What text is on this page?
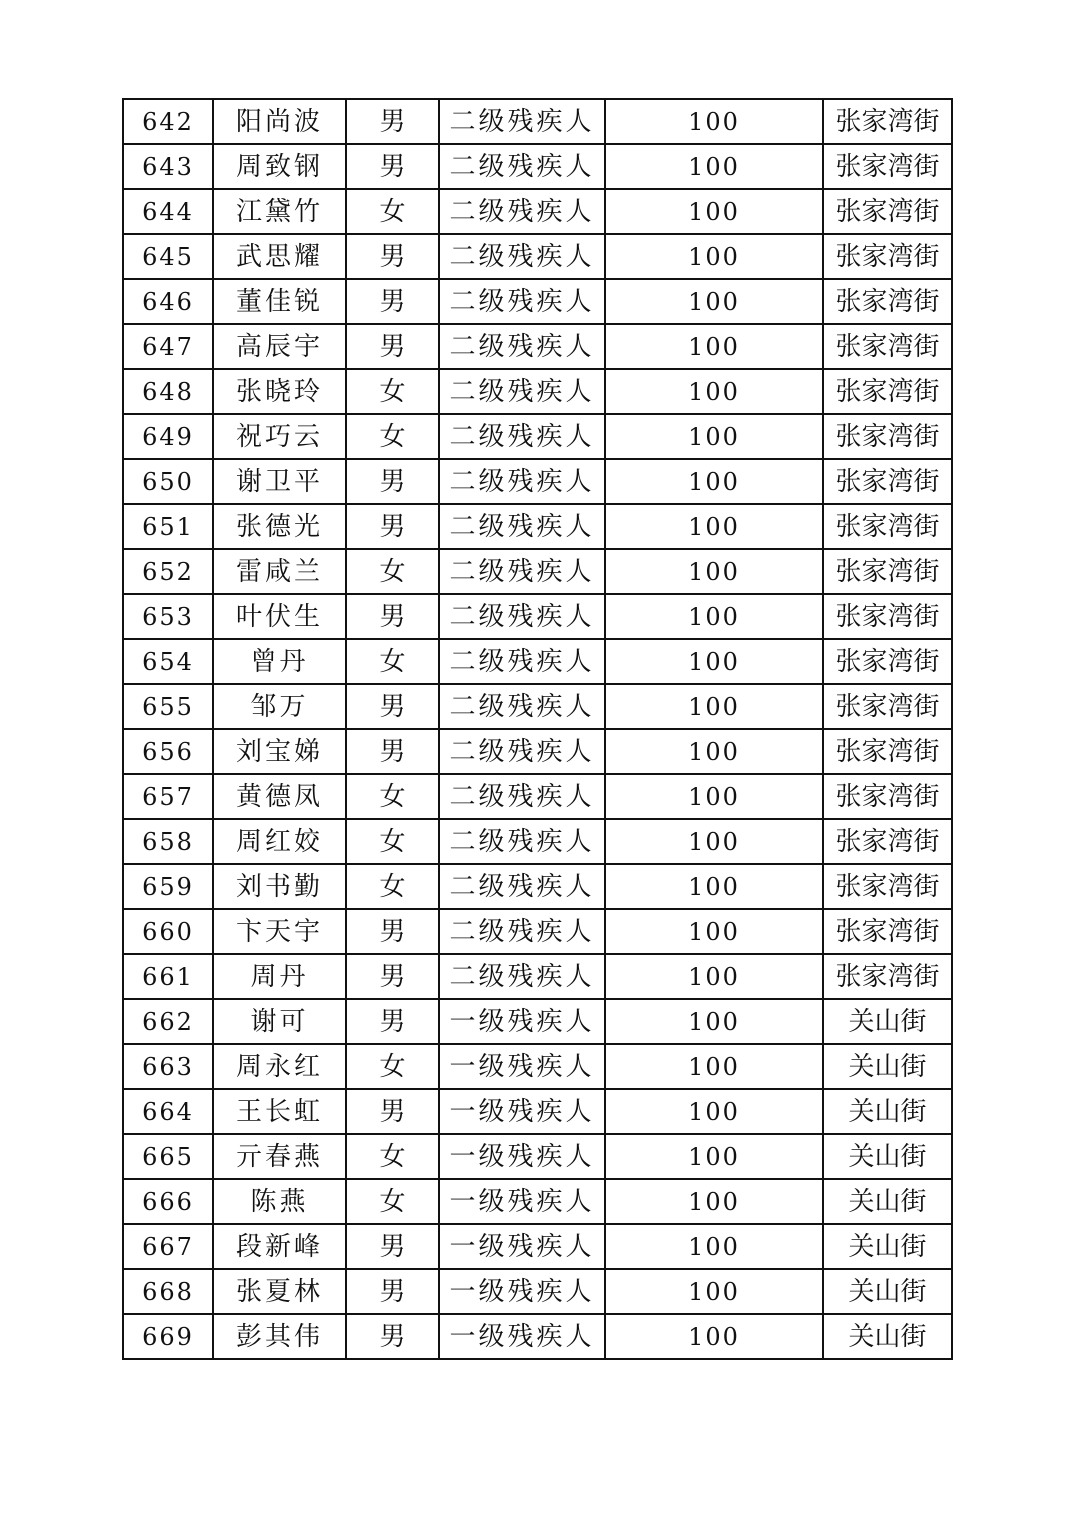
642	阳尚波	男	二级残疾人	100	张家湾街
643	周致钢	男	二级残疾人	100	张家湾街
644	江黛竹	女	二级残疾人	100	张家湾街
645	武思耀	男	二级残疾人	100	张家湾街
646	董佳锐	男	二级残疾人	100	张家湾街
647	高辰宇	男	二级残疾人	100	张家湾街
648	张晓玲	女	二级残疾人	100	张家湾街
649	祝巧云	女	二级残疾人	100	张家湾街
650	谢卫平	男	二级残疾人	100	张家湾街
651	张德光	男	二级残疾人	100	张家湾街
652	雷咸兰	女	二级残疾人	100	张家湾街
653	叶伏生	男	二级残疾人	100	张家湾街
654	曾丹	女	二级残疾人	100	张家湾街
655	邹万	男	二级残疾人	100	张家湾街
656	刘宝娣	男	二级残疾人	100	张家湾街
657	黄德凤	女	二级残疾人	100	张家湾街
658	周红姣	女	二级残疾人	100	张家湾街
659	刘书勤	女	二级残疾人	100	张家湾街
660	卞天宇	男	二级残疾人	100	张家湾街
661	周丹	男	二级残疾人	100	张家湾街
662	谢可	男	一级残疾人	100	关山街
663	周永红	女	一级残疾人	100	关山街
664	王长虹	男	一级残疾人	100	关山街
665	亓春燕	女	一级残疾人	100	关山街
666	陈燕	女	一级残疾人	100	关山街
667	段新峰	男	一级残疾人	100	关山街
668	张夏林	男	一级残疾人	100	关山街
669	彭其伟	男	一级残疾人	100	关山街
